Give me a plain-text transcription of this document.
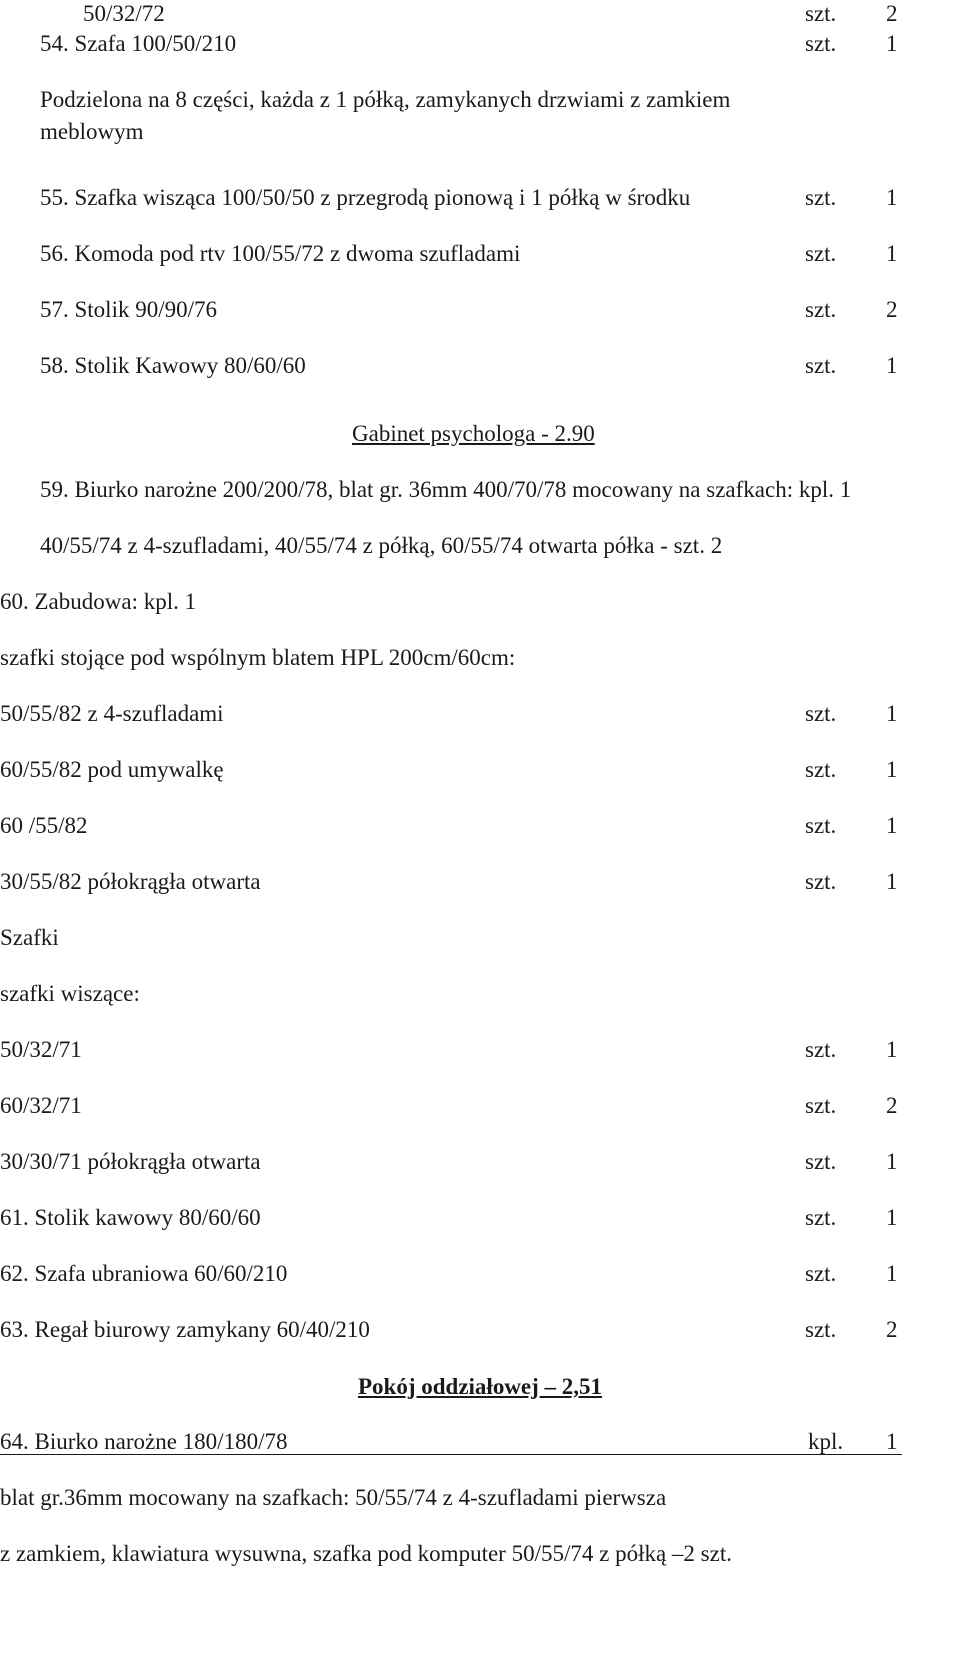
50/32/72	szt. 2
54. Szafa 100/50/210	szt. 1
Podzielona na 8 części, każda z 1 półką, zamykanych drzwiami z zamkiem
meblowym
55. Szafka wisząca 100/50/50 z przegrodą pionową i 1 półką w środku	szt. 1
56. Komoda pod rtv 100/55/72 z dwoma szufladami	szt. 1
57. Stolik 90/90/76	szt. 2
58. Stolik Kawowy 80/60/60	szt. 1
Gabinet psychologa - 2.90
59. Biurko narożne 200/200/78, blat gr. 36mm 400/70/78 mocowany na szafkach: kpl. 1
40/55/74 z 4-szufladami, 40/55/74 z półką, 60/55/74 otwarta półka - szt. 2
60. Zabudowa: kpl. 1
szafki stojące pod wspólnym blatem HPL 200cm/60cm:
50/55/82 z 4-szufladami	szt. 1
60/55/82 pod umywalkę	szt. 1
60 /55/82	szt. 1
30/55/82 półokrągła otwarta	szt. 1
Szafki
szafki wiszące:
50/32/71	szt. 1
60/32/71	szt. 2
30/30/71 półokrągła otwarta	szt. 1
61. Stolik kawowy 80/60/60	szt. 1
62. Szafa ubraniowa 60/60/210	szt. 1
63. Regał biurowy zamykany 60/40/210	szt. 2
Pokój oddziałowej – 2,51
64. Biurko narożne 180/180/78	kpl. 1
blat gr.36mm mocowany na szafkach: 50/55/74 z 4-szufladami pierwsza
z zamkiem, klawiatura wysuwna, szafka pod komputer 50/55/74 z półką –2 szt.
